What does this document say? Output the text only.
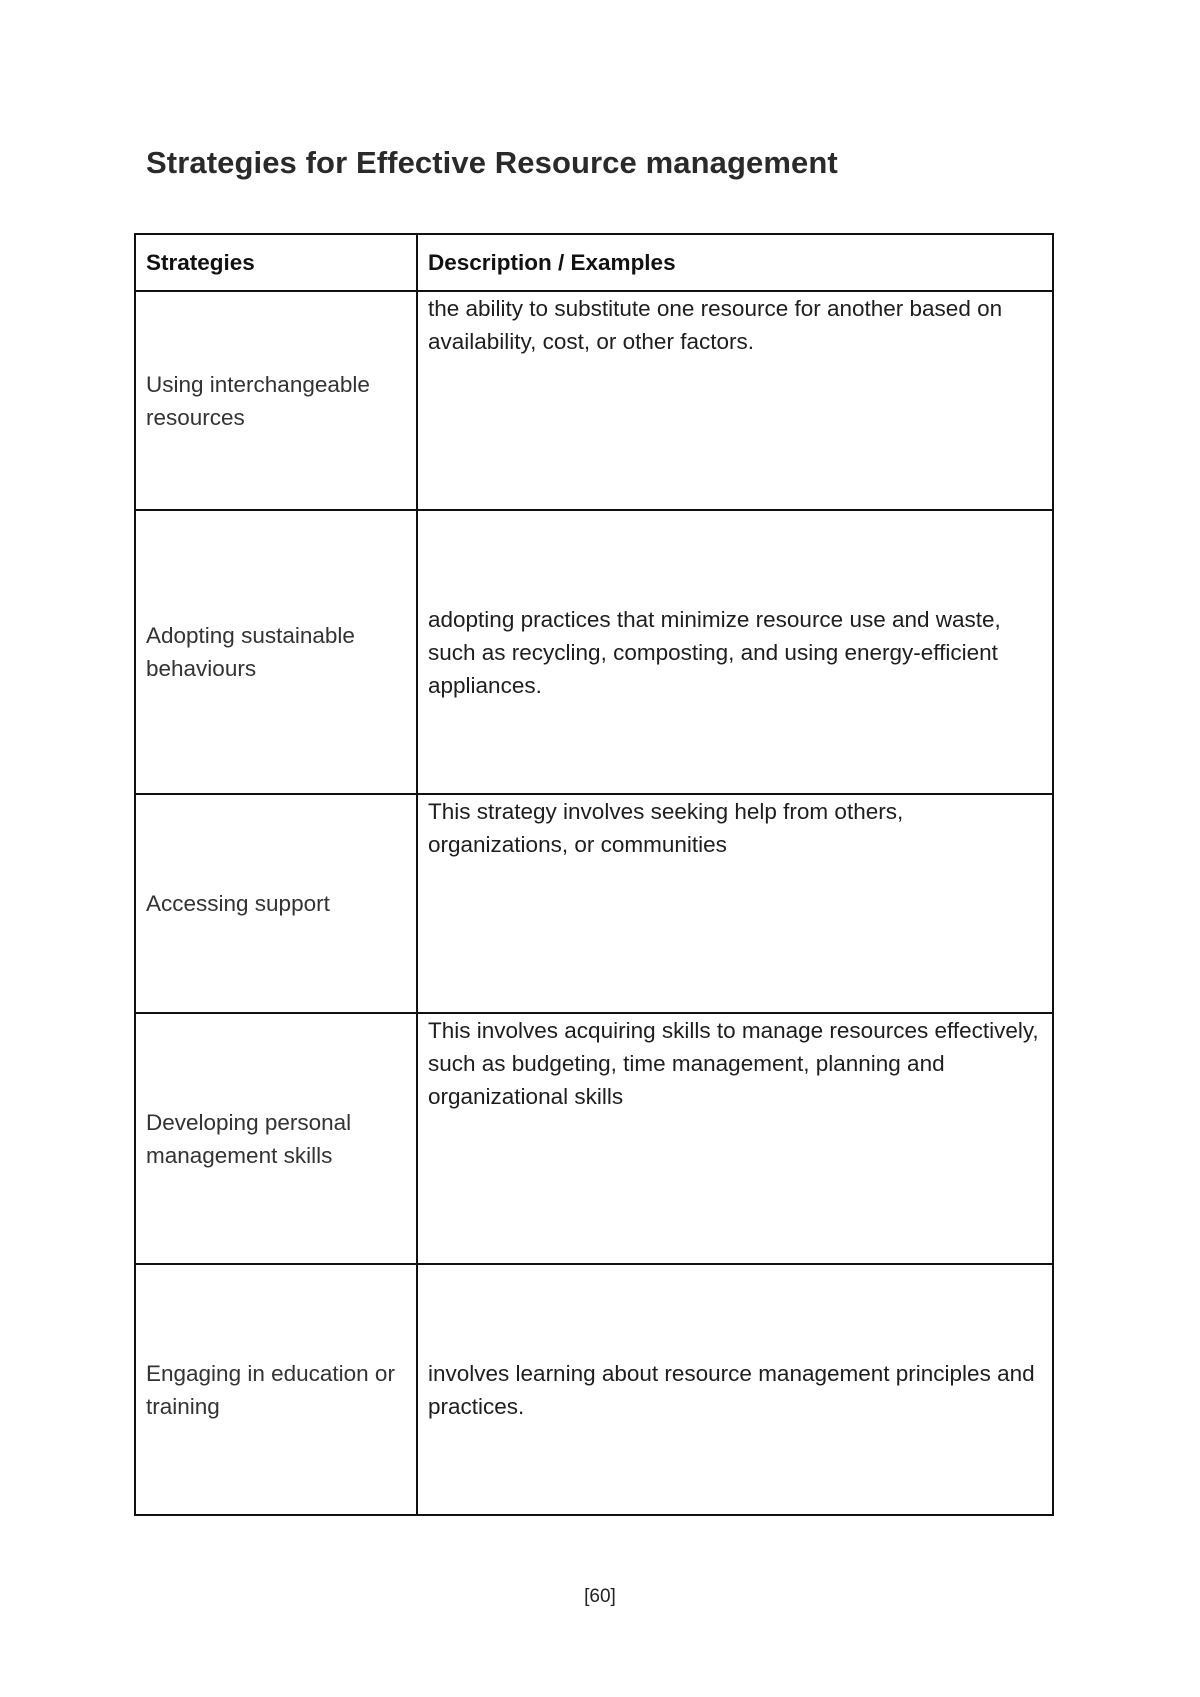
Strategies for Effective Resource management
Strategies	Description / Examples
Using interchangeable resources	the ability to substitute one resource for another based on availability, cost, or other factors.
Adopting sustainable behaviours	adopting practices that minimize resource use and waste, such as recycling, composting, and using energy-efficient appliances.
Accessing support	This strategy involves seeking help from others, organizations, or communities
Developing personal management skills	This involves acquiring skills to manage resources effectively, such as budgeting, time management, planning and organizational skills
Engaging in education or training	involves learning about resource management principles and practices.
[60]
